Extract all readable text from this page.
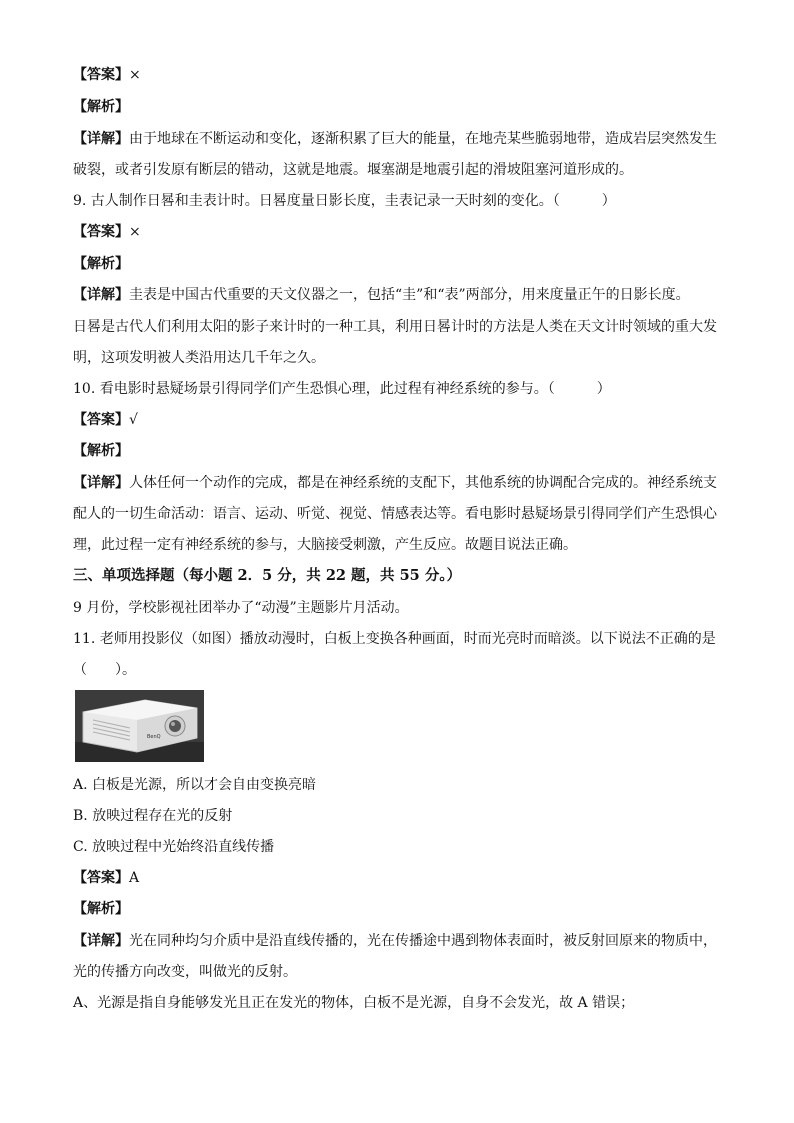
【答案】×
【解析】
【详解】由于地球在不断运动和变化，逐渐积累了巨大的能量，在地壳某些脆弱地带，造成岩层突然发生
破裂，或者引发原有断层的错动，这就是地震。堰塞湖是地震引起的滑坡阻塞河道形成的。
9. 古人制作日晷和圭表计时。日晷度量日影长度，圭表记录一天时刻的变化。（　　　）
【答案】×
【解析】
【详解】圭表是中国古代重要的天文仪器之一，包括“圭”和“表”两部分，用来度量正午的日影长度。
日晷是古代人们利用太阳的影子来计时的一种工具，利用日晷计时的方法是人类在天文计时领域的重大发
明，这项发明被人类沿用达几千年之久。
10. 看电影时悬疑场景引得同学们产生恐惧心理，此过程有神经系统的参与。（　　　）
【答案】√
【解析】
【详解】人体任何一个动作的完成，都是在神经系统的支配下，其他系统的协调配合完成的。神经系统支
配人的一切生命活动：语言、运动、听觉、视觉、情感表达等。看电影时悬疑场景引得同学们产生恐惧心
理，此过程一定有神经系统的参与，大脑接受刺激，产生反应。故题目说法正确。
三、单项选择题（每小题 2．5 分，共 22 题，共 55 分。）
9 月份，学校影视社团举办了“动漫”主题影片月活动。
11. 老师用投影仪（如图）播放动漫时，白板上变换各种画面，时而光亮时而暗淡。以下说法不正确的是
（　　）。
BenQ
A. 白板是光源，所以才会自由变换亮暗
B. 放映过程存在光的反射
C. 放映过程中光始终沿直线传播
【答案】A
【解析】
【详解】光在同种均匀介质中是沿直线传播的，光在传播途中遇到物体表面时，被反射回原来的物质中，
光的传播方向改变，叫做光的反射。
A、光源是指自身能够发光且正在发光的物体，白板不是光源，自身不会发光，故 A 错误；
